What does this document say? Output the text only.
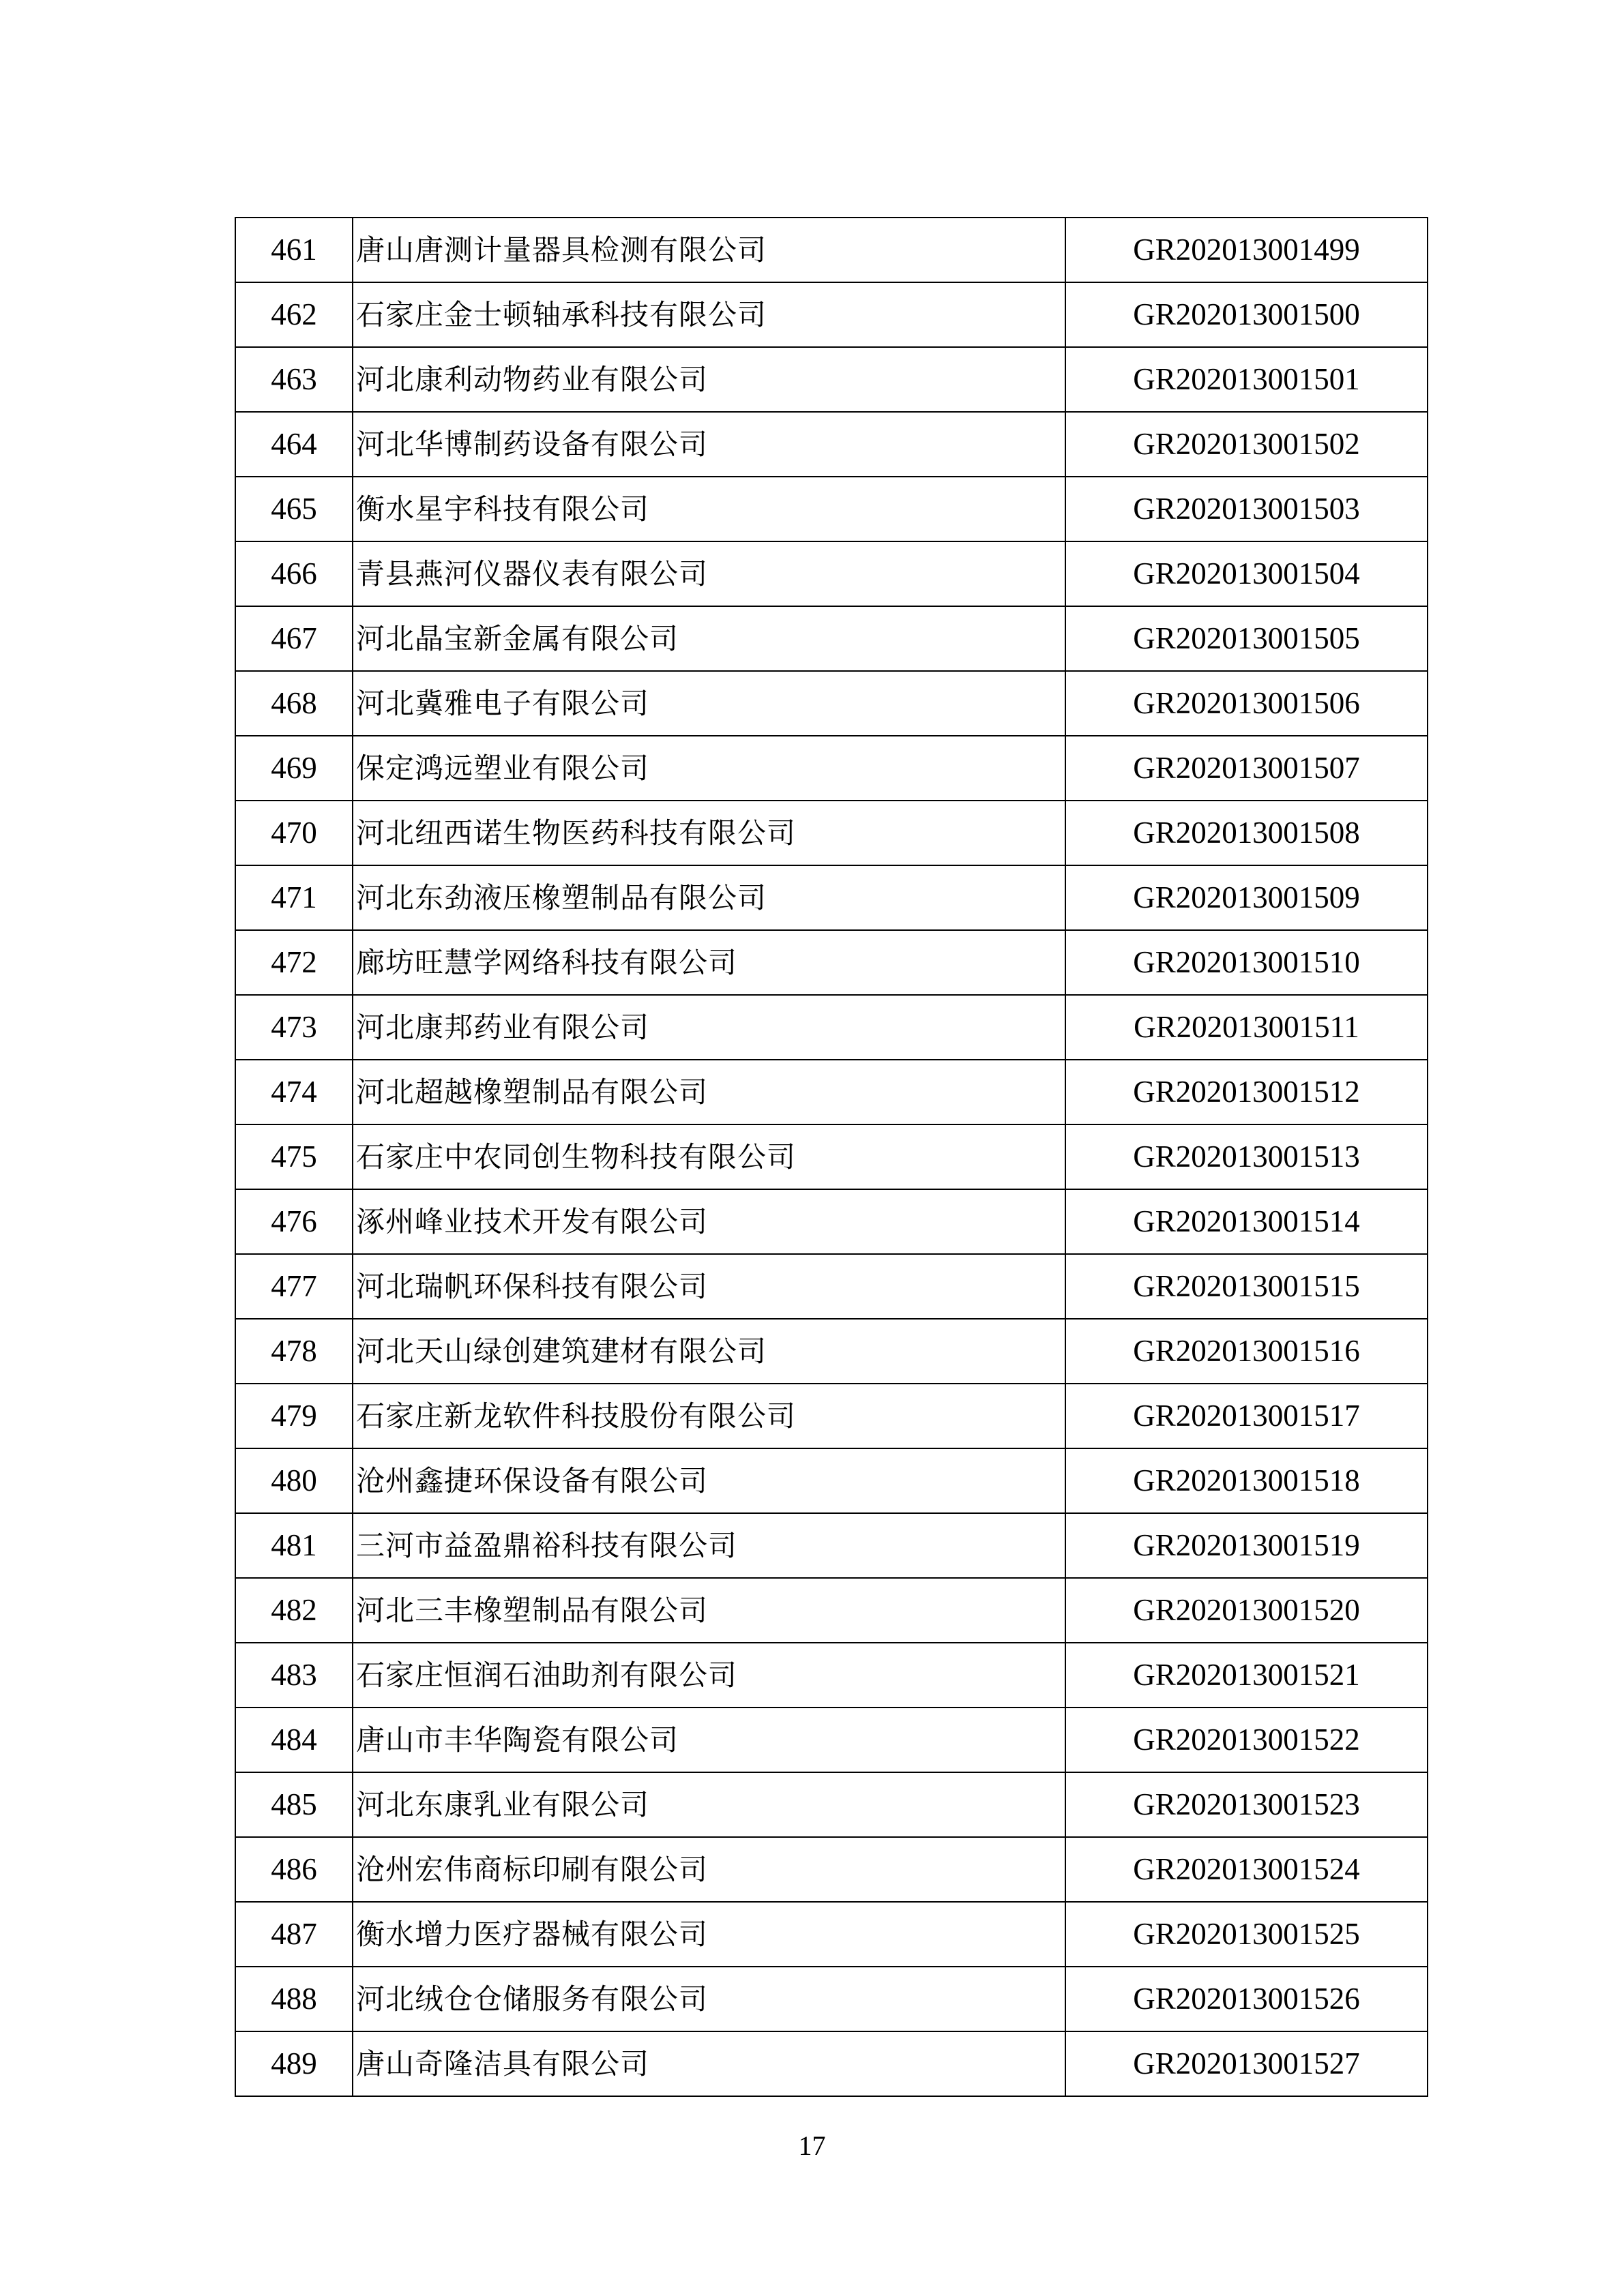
461	唐山唐测计量器具检测有限公司	GR202013001499
462	石家庄金士顿轴承科技有限公司	GR202013001500
463	河北康利动物药业有限公司	GR202013001501
464	河北华博制药设备有限公司	GR202013001502
465	衡水星宇科技有限公司	GR202013001503
466	青县燕河仪器仪表有限公司	GR202013001504
467	河北晶宝新金属有限公司	GR202013001505
468	河北冀雅电子有限公司	GR202013001506
469	保定鸿远塑业有限公司	GR202013001507
470	河北纽西诺生物医药科技有限公司	GR202013001508
471	河北东劲液压橡塑制品有限公司	GR202013001509
472	廊坊旺慧学网络科技有限公司	GR202013001510
473	河北康邦药业有限公司	GR202013001511
474	河北超越橡塑制品有限公司	GR202013001512
475	石家庄中农同创生物科技有限公司	GR202013001513
476	涿州峰业技术开发有限公司	GR202013001514
477	河北瑞帆环保科技有限公司	GR202013001515
478	河北天山绿创建筑建材有限公司	GR202013001516
479	石家庄新龙软件科技股份有限公司	GR202013001517
480	沧州鑫捷环保设备有限公司	GR202013001518
481	三河市益盈鼎裕科技有限公司	GR202013001519
482	河北三丰橡塑制品有限公司	GR202013001520
483	石家庄恒润石油助剂有限公司	GR202013001521
484	唐山市丰华陶瓷有限公司	GR202013001522
485	河北东康乳业有限公司	GR202013001523
486	沧州宏伟商标印刷有限公司	GR202013001524
487	衡水增力医疗器械有限公司	GR202013001525
488	河北绒仓仓储服务有限公司	GR202013001526
489	唐山奇隆洁具有限公司	GR202013001527
17
